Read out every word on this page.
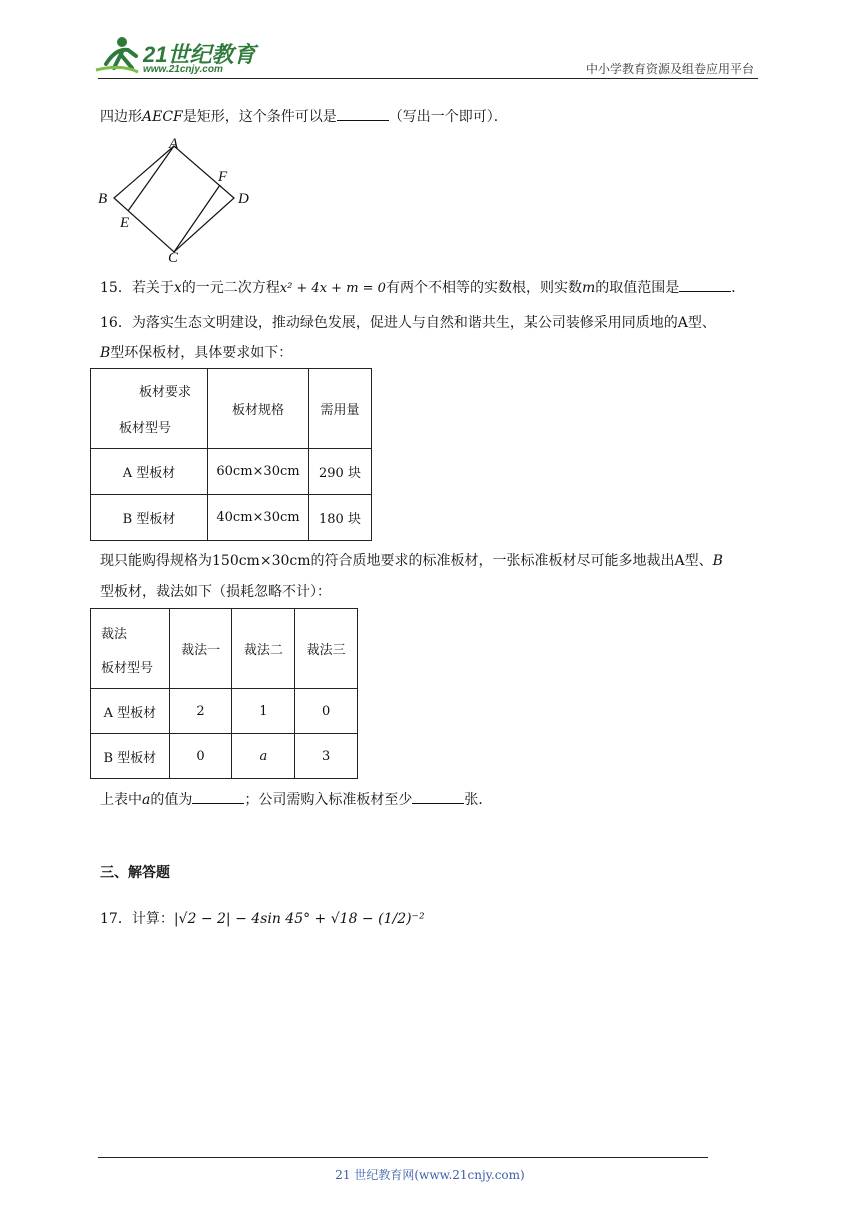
21世纪教育
www.21cnjy.com	中小学教育资源及组卷应用平台
四边形AECF是矩形，这个条件可以是	（写出一个即可）．
A
B
C
D
E
F
15．若关于x的一元二次方程x² + 4x + m = 0有两个不相等的实数根，则实数m的取值范围是	．
16．为落实生态文明建设，推动绿色发展，促进人与自然和谐共生，某公司装修采用同质地的A型、
B型环保板材，具体要求如下：
板材要求
板材型号	板材规格	需用量
A 型板材	60cm×30cm	290 块
B 型板材	40cm×30cm	180 块
现只能购得规格为150cm×30cm的符合质地要求的标准板材，一张标准板材尽可能多地裁出A型、B
型板材，裁法如下（损耗忽略不计）：
裁法
板材型号	裁法一	裁法二	裁法三
A 型板材	2	1	0
B 型板材	0	a	3
上表中a的值为	；公司需购入标准板材至少	张．
三、解答题
17．计算：|√2 − 2| − 4sin 45° + √18 − (1/2)⁻²
21 世纪教育网(www.21cnjy.com)
